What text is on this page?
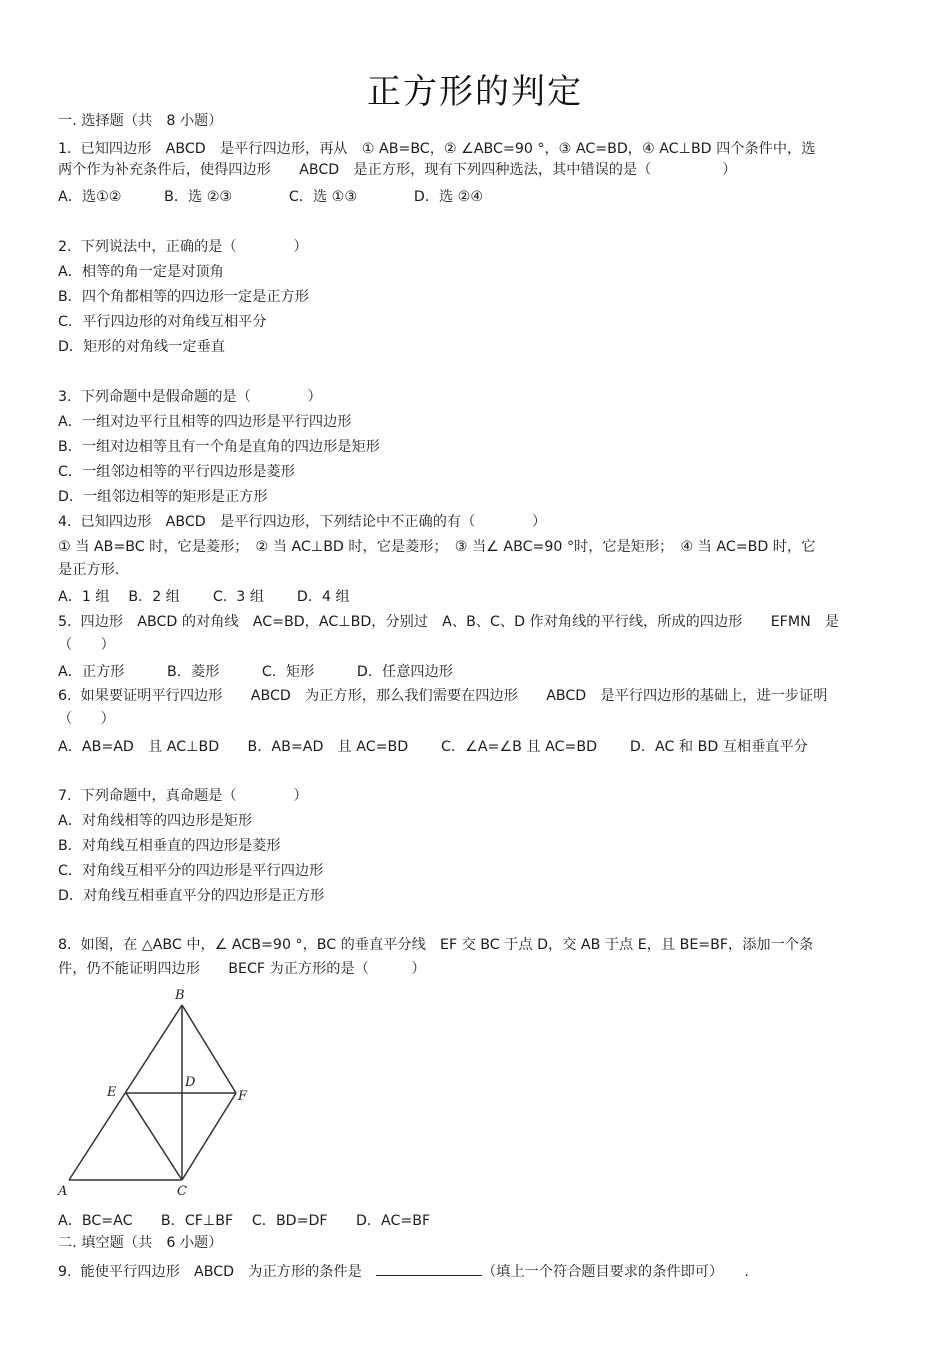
正方形的判定
一. 选择题（共　8 小题）
1.  已知四边形　ABCD　是平行四边形，再从　① AB=BC，② ∠ABC=90 °，③ AC=BD，④ AC⊥BD 四个条件中，选
两个作为补充条件后，使得四边形　　ABCD　是正方形，现有下列四种选法，其中错误的是（　　　　　）
A．选①②　　　B．选 ②③　　　　C．选 ①③　　　　D．选 ②④
2.  下列说法中，正确的是（　　　　）
A．相等的角一定是对顶角
B．四个角都相等的四边形一定是正方形
C．平行四边形的对角线互相平分
D．矩形的对角线一定垂直
3.  下列命题中是假命题的是（　　　　）
A．一组对边平行且相等的四边形是平行四边形
B．一组对边相等且有一个角是直角的四边形是矩形
C．一组邻边相等的平行四边形是菱形
D．一组邻边相等的矩形是正方形
4.  已知四边形　ABCD　是平行四边形，下列结论中不正确的有（　　　　）
① 当 AB=BC 时，它是菱形；　② 当 AC⊥BD 时，它是菱形；　③ 当∠ ABC=90 °时，它是矩形；　④ 当 AC=BD 时，它
是正方形.
A．1 组　 B．2 组　　 C.  3 组　　 D．4 组
5.  四边形　ABCD 的对角线　AC=BD，AC⊥BD，分别过　A、B、C、D 作对角线的平行线，所成的四边形　　EFMN　是
（　　）
A．正方形　　　B．菱形　　　C．矩形　　　D．任意四边形
6.  如果要证明平行四边形　　ABCD　为正方形，那么我们需要在四边形　　ABCD　是平行四边形的基础上，进一步证明
（　　）
A．AB=AD　且 AC⊥BD　　B．AB=AD　且 AC=BD　　 C．∠A=∠B 且 AC=BD　　 D．AC 和 BD 互相垂直平分
7.  下列命题中，真命题是（　　　　）
A．对角线相等的四边形是矩形
B．对角线互相垂直的四边形是菱形
C．对角线互相平分的四边形是平行四边形
D．对角线互相垂直平分的四边形是正方形
8.  如图，在 △ABC 中，∠ ACB=90 °，BC 的垂直平分线　EF 交 BC 于点 D，交 AB 于点 E，且 BE=BF，添加一个条
件，仍不能证明四边形　　BECF 为正方形的是（　　　）
A
B
C
D
E	F
A．BC=AC　　B．CF⊥BF　 C．BD=DF　　D．AC=BF
二. 填空题（共　6 小题）
9.  能使平行四边形　ABCD　为正方形的条件是　	（填上一个符合题目要求的条件即可）　　.
